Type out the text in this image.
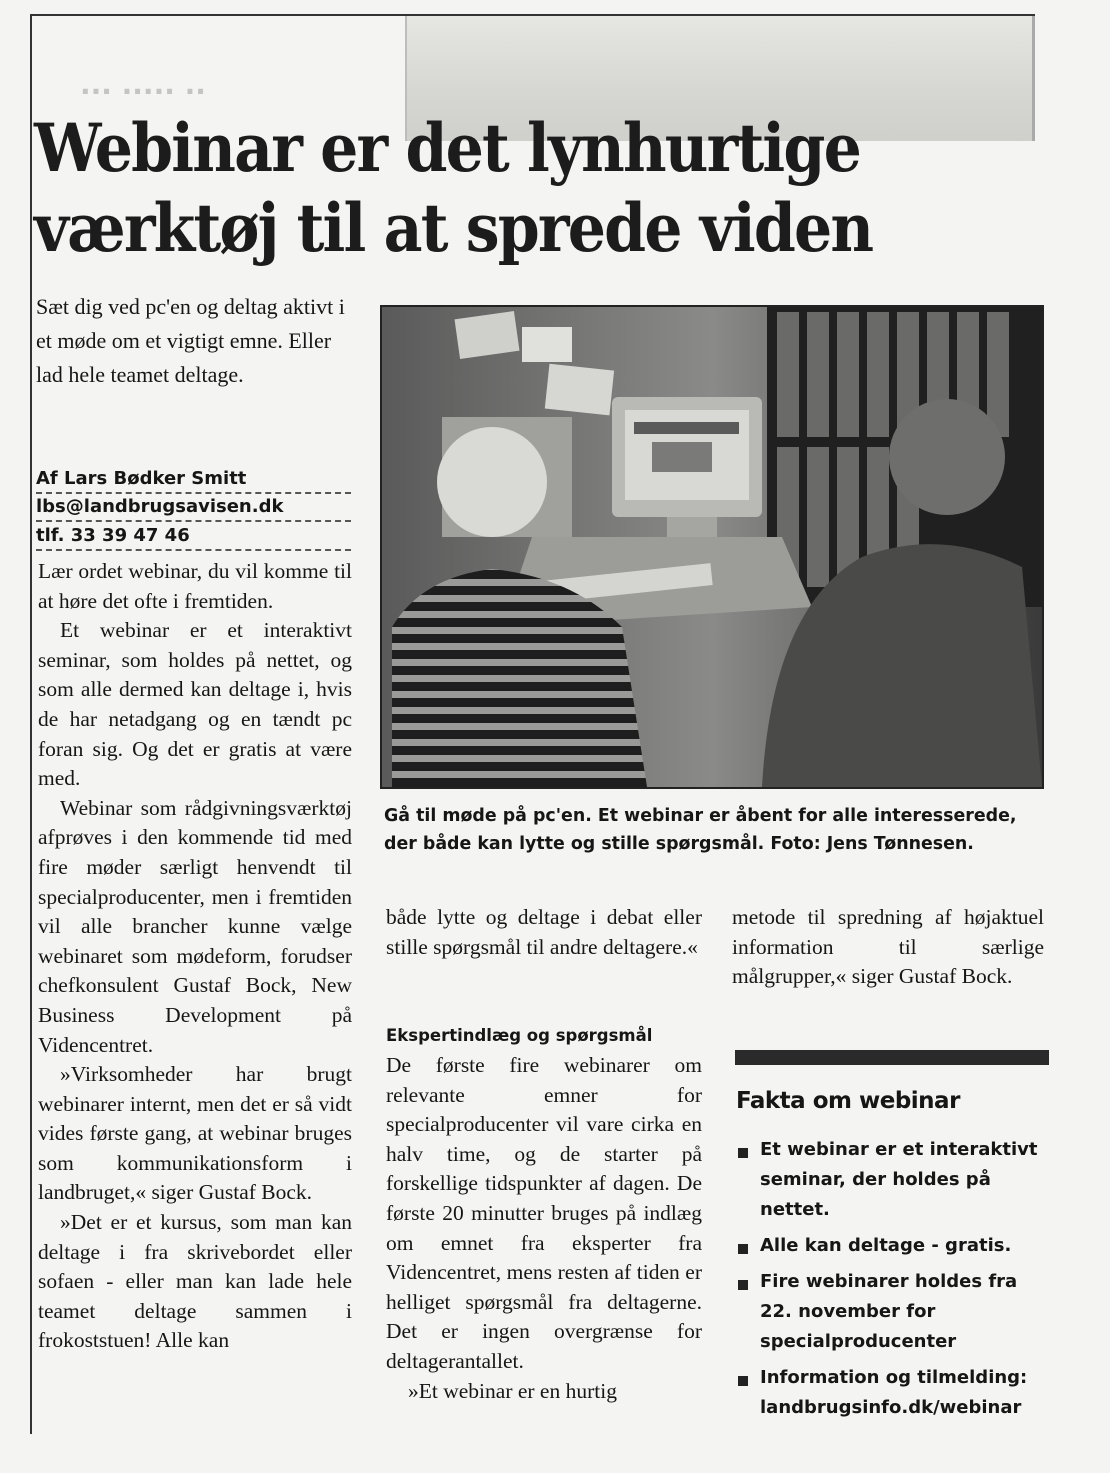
··· ····· ··
Webinar er det lynhurtige
værktøj til at sprede viden
Sæt dig ved pc'en og deltag aktivt i et møde om et vigtigt emne. Eller lad hele teamet deltage.
Af Lars Bødker Smitt
lbs@landbrugsavisen.dk
tlf. 33 39 47 46

Lær ordet webinar, du vil komme til at høre det ofte i fremtiden.

Et webinar er et interaktivt seminar, som holdes på nettet, og som alle dermed kan deltage i, hvis de har netadgang og en tændt pc foran sig. Og det er gratis at være med.

Webinar som rådgivningsværktøj afprøves i den kommende tid med fire møder særligt henvendt til specialproducenter, men i fremtiden vil alle brancher kunne vælge webinaret som mødeform, forudser chefkonsulent Gustaf Bock, New Business Development på Videncentret.

»Virksomheder har brugt webinarer internt, men det er så vidt vides første gang, at webinar bruges som kommunikationsform i landbruget,« siger Gustaf Bock.

»Det er et kursus, som man kan deltage i fra skrivebordet eller sofaen - eller man kan lade hele teamet deltage sammen i frokoststuen! Alle kan

Gå til møde på pc'en. Et webinar er åbent for alle interesserede, der både kan lytte og stille spørgsmål. Foto: Jens Tønnesen.

både lytte og deltage i debat eller stille spørgsmål til andre deltagere.«

Ekspertindlæg og spørgsmål

De første fire webinarer om relevante emner for specialproducenter vil vare cirka en halv time, og de starter på forskellige tidspunkter af dagen. De første 20 minutter bruges på indlæg om emnet fra eksperter fra Videncentret, mens resten af tiden er helliget spørgsmål fra deltagerne. Det er ingen overgrænse for deltagerantallet.

»Et webinar er en hurtig

metode til spredning af højaktuel information til særlige målgrupper,« siger Gustaf Bock.

Fakta om webinar
Et webinar er et interaktivt seminar, der holdes på nettet.
Alle kan deltage - gratis.
Fire webinarer holdes fra 22. november for specialproducenter
Information og tilmelding: landbrugsinfo.dk/webinar
